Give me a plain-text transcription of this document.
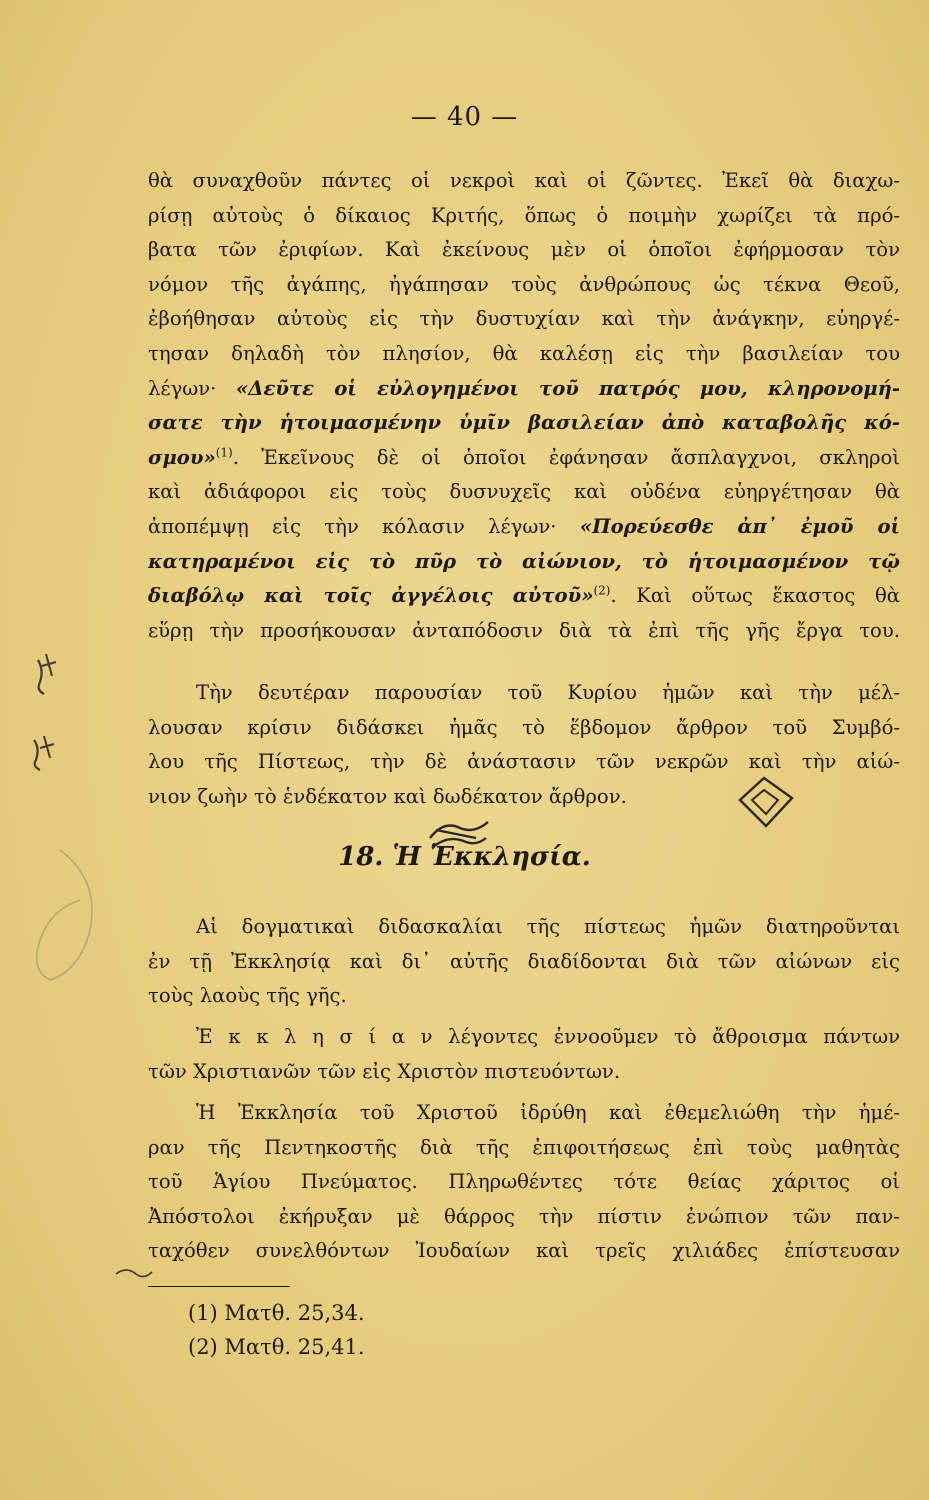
— 40 —
θὰ συναχθοῦν πάντες οἱ νεκροὶ καὶ οἱ ζῶντες. Ἐκεῖ θὰ διαχω-
ρίσῃ αὐτοὺς ὁ δίκαιος Κριτής, ὅπως ὁ ποιμὴν χωρίζει τὰ πρό-
βατα τῶν ἐριφίων. Καὶ ἐκείνους μὲν οἱ ὁποῖοι ἐφήρμοσαν τὸν
νόμον τῆς ἀγάπης, ἠγάπησαν τοὺς ἀνθρώπους ὡς τέκνα Θεοῦ,
ἐβοήθησαν αὐτοὺς εἰς τὴν δυστυχίαν καὶ τὴν ἀνάγκην, εὐηργέ-
τησαν δηλαδὴ τὸν πλησίον, θὰ καλέσῃ εἰς τὴν βασιλείαν του
λέγων· «Δεῦτε οἱ εὐλογημένοι τοῦ πατρός μου, κληρονομή-
σατε τὴν ἡτοιμασμένην ὑμῖν βασιλείαν ἀπὸ καταβολῆς κό-
σμου»$^{(1)}$. Ἐκεῖνους δὲ οἱ ὁποῖοι ἐφάνησαν ἄσπλαγχνοι, σκληροὶ
καὶ ἀδιάφοροι εἰς τοὺς δυσνυχεῖς καὶ οὐδένα εὐηργέτησαν θὰ
ἀποπέμψῃ εἰς τὴν κόλασιν λέγων· «Πορεύεσθε ἀπ᾿ ἐμοῦ οἱ
κατηραμένοι εἰς τὸ πῦρ τὸ αἰώνιον, τὸ ἡτοιμασμένον τῷ
διαβόλῳ καὶ τοῖς ἀγγέλοις αὐτοῦ»$^{(2)}$. Καὶ οὕτως ἕκαστος θὰ
εὕρῃ τὴν προσήκουσαν ἀνταπόδοσιν διὰ τὰ ἐπὶ τῆς γῆς ἔργα του.
Τὴν δευτέραν παρουσίαν τοῦ Κυρίου ἡμῶν καὶ τὴν μέλ-
λουσαν κρίσιν διδάσκει ἡμᾶς τὸ ἕβδομον ἄρθρον τοῦ Συμβό-
λου τῆς Πίστεως, τὴν δὲ ἀνάστασιν τῶν νεκρῶν καὶ τὴν αἰώ-
νιον ζωὴν τὸ ἑνδέκατον καὶ δωδέκατον ἄρθρον.
18. Ἡ Ἐκκλησία.
Αἱ δογματικαὶ διδασκαλίαι τῆς πίστεως ἡμῶν διατηροῦνται
ἐν τῇ Ἐκκλησίᾳ καὶ δι᾿ αὐτῆς διαδίδονται διὰ τῶν αἰώνων εἰς
τοὺς λαοὺς τῆς γῆς.
Ἐ κ κ λ η σ ί α ν λέγοντες ἐννοοῦμεν τὸ ἄθροισμα πάντων
τῶν Χριστιανῶν τῶν εἰς Χριστὸν πιστευόντων.
Ἡ Ἐκκλησία τοῦ Χριστοῦ ἱδρύθη καὶ ἐθεμελιώθη τὴν ἡμέ-
ραν τῆς Πεντηκοστῆς διὰ τῆς ἐπιφοιτήσεως ἐπὶ τοὺς μαθητὰς
τοῦ Ἁγίου Πνεύματος. Πληρωθέντες τότε θείας χάριτος οἱ
Ἀπόστολοι ἐκήρυξαν μὲ θάρρος τὴν πίστιν ἐνώπιον τῶν παν-
ταχόθεν συνελθόντων Ἰουδαίων καὶ τρεῖς χιλιάδες ἐπίστευσαν
(1) Ματθ. 25,34.
(2) Ματθ. 25,41.
